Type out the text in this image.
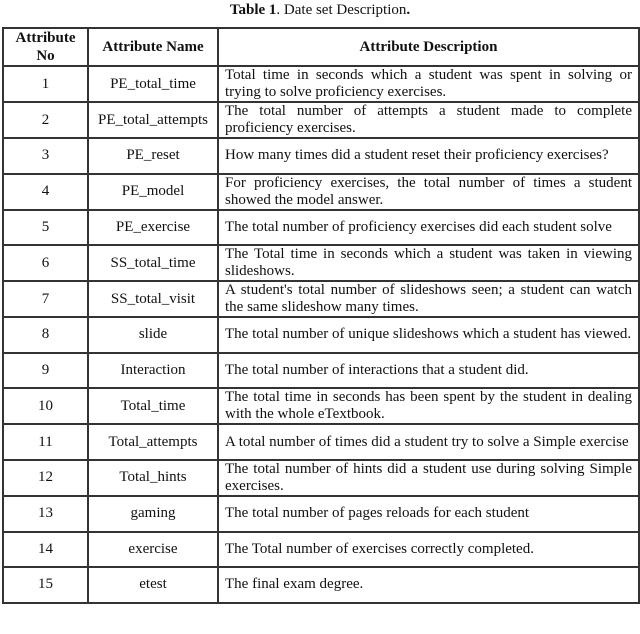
Table 1. Date set Description.
Attribute No	Attribute Name	Attribute Description
1	PE_total_time	Total time in seconds which a student was spent in solving or trying to solve proficiency exercises.
2	PE_total_attempts	The total number of attempts a student made to complete proficiency exercises.
3	PE_reset	How many times did a student reset their proficiency exercises?
4	PE_model	For proficiency exercises, the total number of times a student showed the model answer.
5	PE_exercise	The total number of proficiency exercises did each student solve
6	SS_total_time	The Total time in seconds which a student was taken in viewing slideshows.
7	SS_total_visit	A student's total number of slideshows seen; a student can watch the same slideshow many times.
8	slide	The total number of unique slideshows which a student has viewed.
9	Interaction	The total number of interactions that a student did.
10	Total_time	The total time in seconds has been spent by the student in dealing with the whole eTextbook.
11	Total_attempts	A total number of times did a student try to solve a Simple exercise
12	Total_hints	The total number of hints did a student use during solving Simple exercises.
13	gaming	The total number of pages reloads for each student
14	exercise	The Total number of exercises correctly completed.
15	etest	The final exam degree.
